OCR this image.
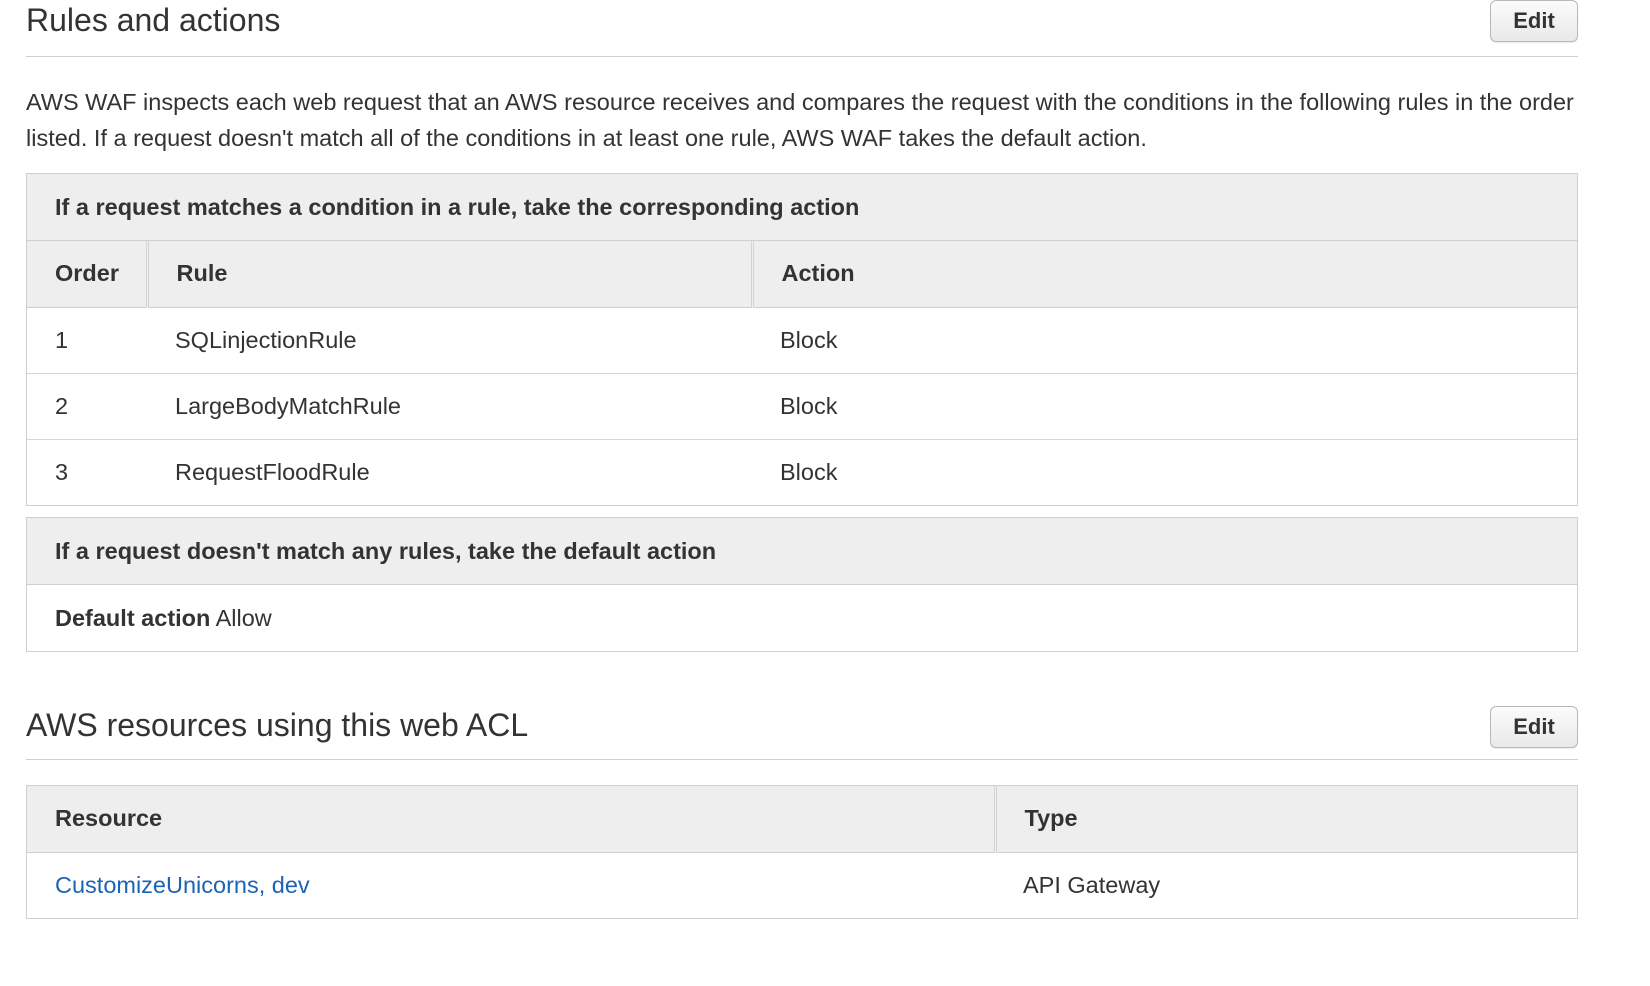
Rules and actions	Edit

AWS WAF inspects each web request that an AWS resource receives and compares the request with the conditions in the following rules in the order listed. If a request doesn't match all of the conditions in at least one rule, AWS WAF takes the default action.

If a request matches a condition in a rule, take the corresponding action
Order	Rule	Action
1	SQLinjectionRule	Block
2	LargeBodyMatchRule	Block
3	RequestFloodRule	Block
If a request doesn't match any rules, take the default action
Default action Allow
AWS resources using this web ACL	Edit
Resource	Type
CustomizeUnicorns, dev	API Gateway
